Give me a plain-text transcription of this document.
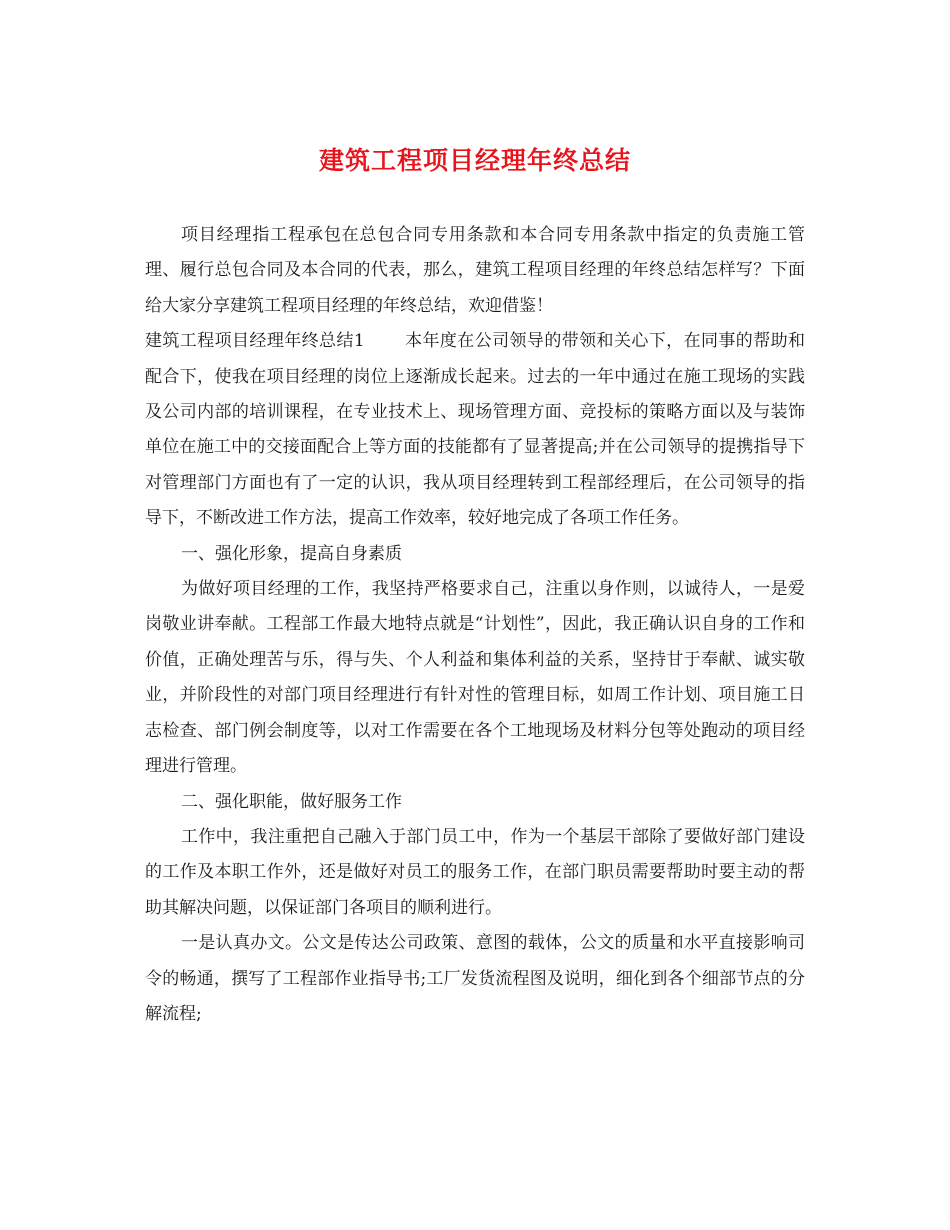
建筑工程项目经理年终总结

项目经理指工程承包在总包合同专用条款和本合同专用条款中指定的负责施工管理、履行总包合同及本合同的代表，那么，建筑工程项目经理的年终总结怎样写？下面给大家分享建筑工程项目经理的年终总结，欢迎借鉴！

建筑工程项目经理年终总结1 本年度在公司领导的带领和关心下，在同事的帮助和配合下，使我在项目经理的岗位上逐渐成长起来。过去的一年中通过在施工现场的实践及公司内部的培训课程，在专业技术上、现场管理方面、竞投标的策略方面以及与装饰单位在施工中的交接面配合上等方面的技能都有了显著提高;并在公司领导的提携指导下对管理部门方面也有了一定的认识，我从项目经理转到工程部经理后，在公司领导的指导下，不断改进工作方法，提高工作效率，较好地完成了各项工作任务。

一、强化形象，提高自身素质

为做好项目经理的工作，我坚持严格要求自己，注重以身作则，以诚待人，一是爱岗敬业讲奉献。工程部工作最大地特点就是“计划性”，因此，我正确认识自身的工作和价值，正确处理苦与乐，得与失、个人利益和集体利益的关系，坚持甘于奉献、诚实敬业，并阶段性的对部门项目经理进行有针对性的管理目标，如周工作计划、项目施工日志检查、部门例会制度等，以对工作需要在各个工地现场及材料分包等处跑动的项目经理进行管理。

二、强化职能，做好服务工作

工作中，我注重把自己融入于部门员工中，作为一个基层干部除了要做好部门建设的工作及本职工作外，还是做好对员工的服务工作，在部门职员需要帮助时要主动的帮助其解决问题，以保证部门各项目的顺利进行。

一是认真办文。公文是传达公司政策、意图的载体，公文的质量和水平直接影响司令的畅通，撰写了工程部作业指导书;工厂发货流程图及说明，细化到各个细部节点的分解流程;
